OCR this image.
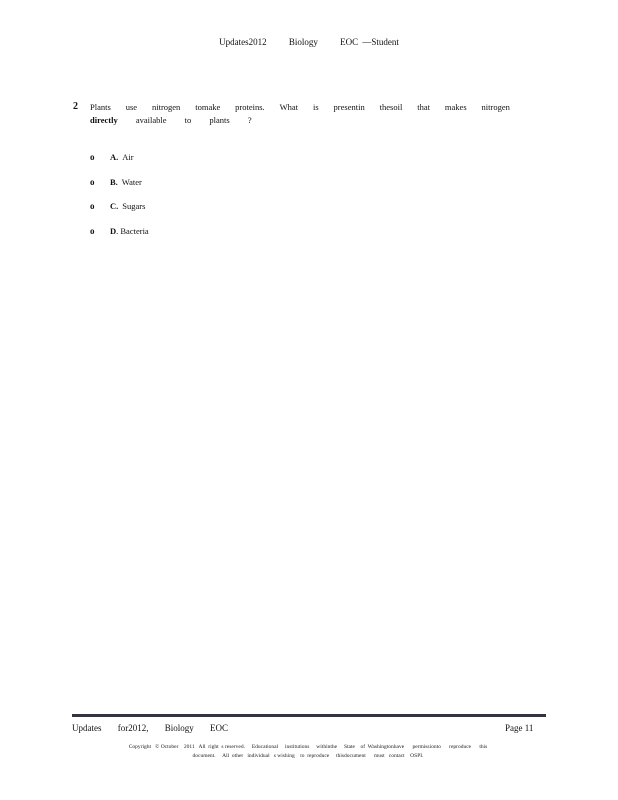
Updates2012 Biology EOC —Student
2 Plants use nitrogen tomake proteins. What is presentin thesoil that makes nitrogen
directly available to plants ?
o	A. Air
o	B. Water
o	C. Sugars
o	D . Bacteria
Updates for2012, Biology EOC	Page 11
Copyright   © October    2011   All  right  s reserved.     Educational     institutions     withinthe     State    of  Washingtonhave      permissionto      reproduce      this
document.     All  other   individual   s wishing    to  reproduce     thisdocument      must   contact    OSPI.
